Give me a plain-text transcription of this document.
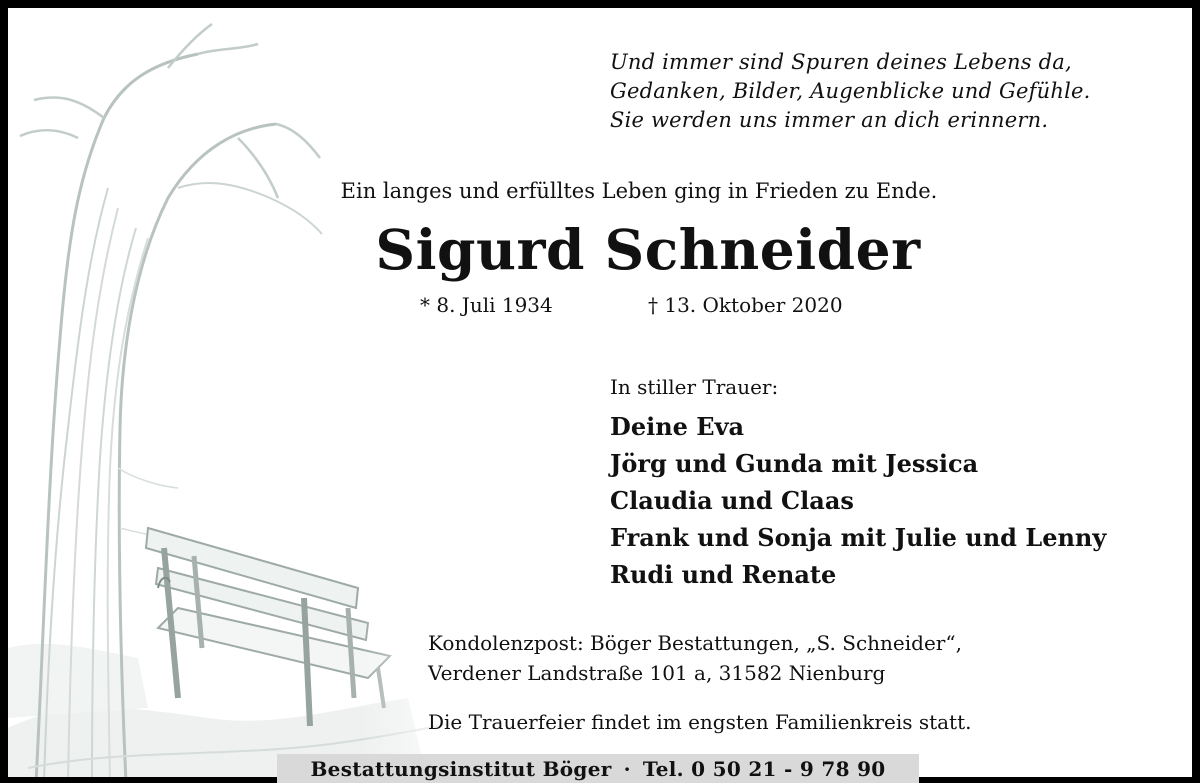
Und immer sind Spuren deines Lebens da,
Gedanken, Bilder, Augenblicke und Gefühle.
Sie werden uns immer an dich erinnern.
Ein langes und erfülltes Leben ging in Frieden zu Ende.
Sigurd Schneider
* 8. Juli 1934	† 13. Oktober 2020
In stiller Trauer:
Deine Eva
Jörg und Gunda mit Jessica
Claudia und Claas
Frank und Sonja mit Julie und Lenny
Rudi und Renate
Kondolenzpost: Böger Bestattungen, „S. Schneider“,
Verdener Landstraße 101 a, 31582 Nienburg
Die Trauerfeier findet im engsten Familienkreis statt.
Bestattungsinstitut Böger · Tel. 0 50 21 - 9 78 90
